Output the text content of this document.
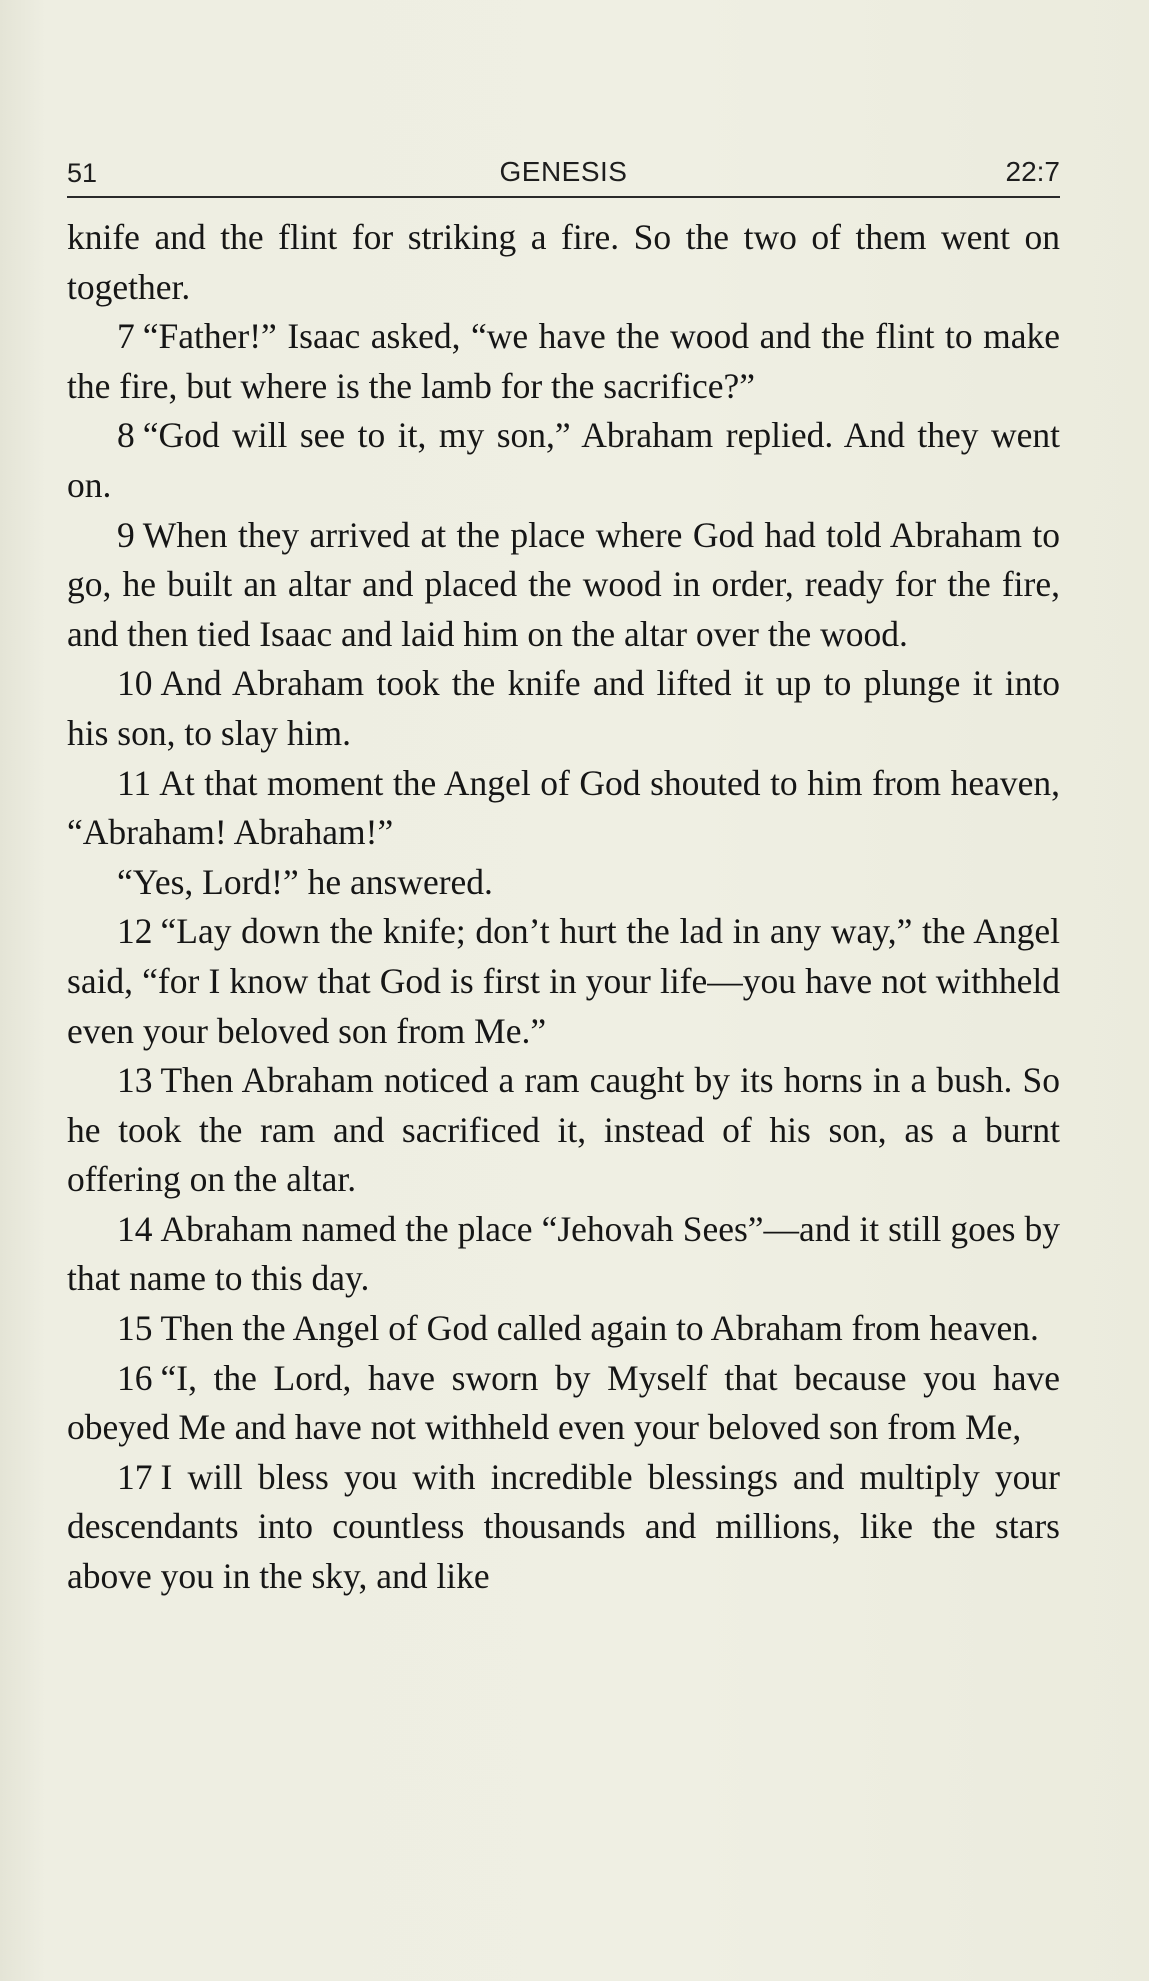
51	GENESIS	22:7

knife and the flint for striking a fire. So the two of them went on together.

7 “Father!” Isaac asked, “we have the wood and the flint to make the fire, but where is the lamb for the sacrifice?”

8 “God will see to it, my son,” Abraham replied. And they went on.

9 When they arrived at the place where God had told Abraham to go, he built an altar and placed the wood in order, ready for the fire, and then tied Isaac and laid him on the altar over the wood.

10 And Abraham took the knife and lifted it up to plunge it into his son, to slay him.

11 At that moment the Angel of God shouted to him from heaven, “Abraham! Abraham!”

“Yes, Lord!” he answered.

12 “Lay down the knife; don’t hurt the lad in any way,” the Angel said, “for I know that God is first in your life—you have not withheld even your beloved son from Me.”

13 Then Abraham noticed a ram caught by its horns in a bush. So he took the ram and sacrificed it, instead of his son, as a burnt offering on the altar.

14 Abraham named the place “Jehovah Sees”—and it still goes by that name to this day.

15 Then the Angel of God called again to Abraham from heaven.

16 “I, the Lord, have sworn by Myself that because you have obeyed Me and have not withheld even your beloved son from Me,

17 I will bless you with incredible blessings and multiply your descendants into countless thousands and millions, like the stars above you in the sky, and like
